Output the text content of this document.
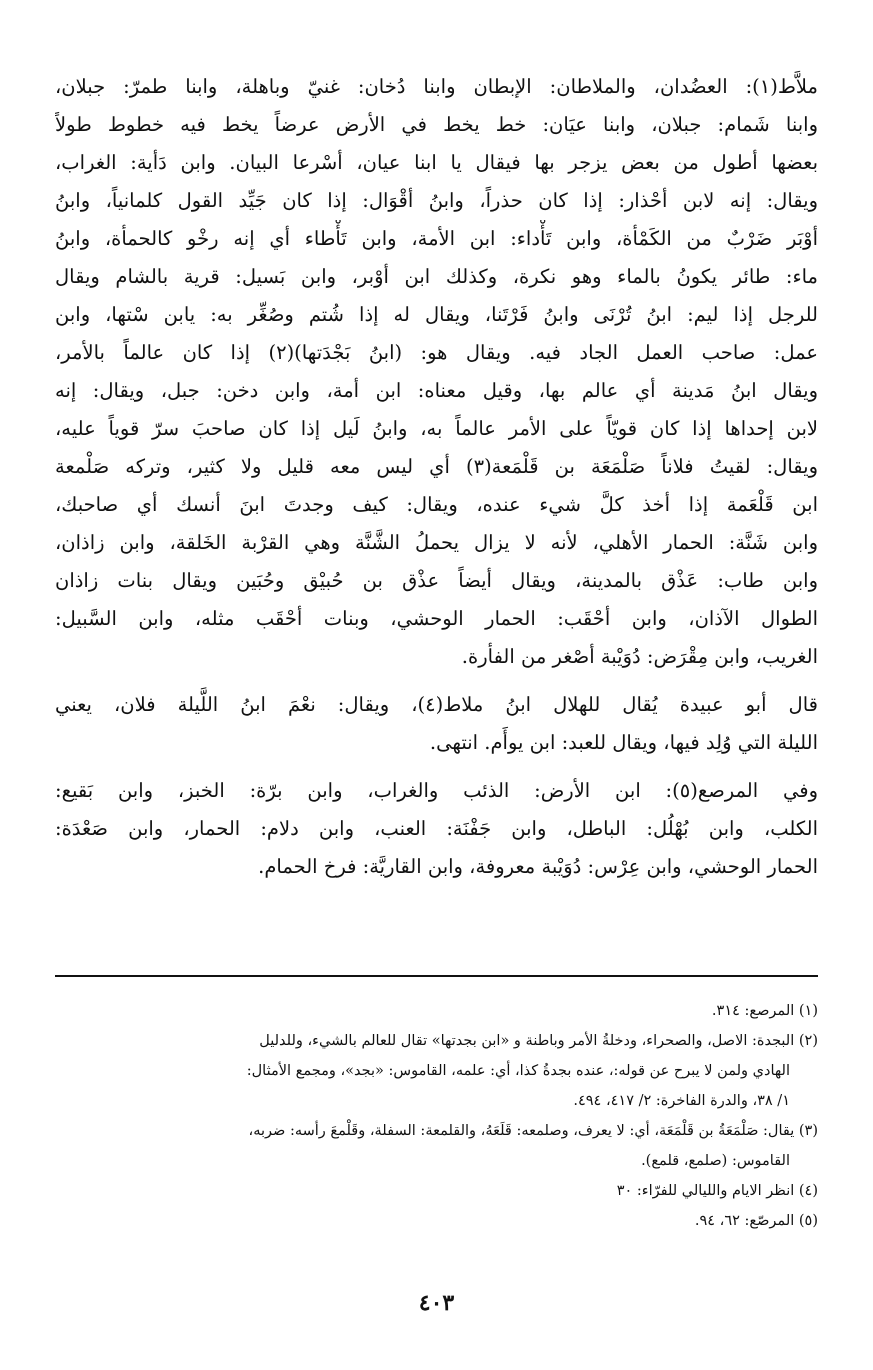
ملاَّط(١): العضُدان، والملاطان: الإبطان وابنا دُخان: غنيّ وباهلة، وابنا طمرّ: جبلان،
وابنا شَمام: جبلان، وابنا عيَان: خط يخط في الأرض عرضاً يخط فيه خطوط طولاً
بعضها أطول من بعض يزجر بها فيقال يا ابنا عيان، أسْرعا البيان. وابن دَأية: الغراب،
ويقال: إنه لابن أحْذار: إذا كان حذراً، وابنُ أقْوَال: إذا كان جَيِّد القول كلمانياً، وابنُ
أوْبَر ضَرْبٌ من الكَمْأة، وابن تَأْداء: ابن الأمة، وابن تَأْطاء أي إنه رخْو كالحمأة، وابنُ
ماء: طائر يكونُ بالماء وهو نكرة، وكذلك ابن أوْبر، وابن بَسيل: قرية بالشام ويقال
للرجل إذا ليم: ابنُ تُرْنَى وابنُ فَرْتَنا، ويقال له إذا شُتم وصُغِّر به: يابن سْتها، وابن
عمل: صاحب العمل الجاد فيه. ويقال هو: (ابنُ بَجْدَتها)(٢) إذا كان عالماً بالأمر،
ويقال ابنُ مَدينة أي عالم بها، وقيل معناه: ابن أمة، وابن دخن: جبل، ويقال: إنه
لابن إحداها إذا كان قويّاً على الأمر عالماً به، وابنُ لَيل إذا كان صاحبَ سرّ قوياً عليه،
ويقال: لقيتُ فلاناً صَلْمَعَة بن قَلْمَعة(٣) أي ليس معه قليل ولا كثير، وتركه صَلْمعة
ابن قَلْعَمة إذا أخذ كلَّ شيء عنده، ويقال: كيف وجدتَ ابنَ أنسك أي صاحبك،
وابن شَنَّة: الحمار الأهلي، لأنه لا يزال يحملُ الشَّنَّة وهي القرْبة الخَلقة، وابن زاذان،
وابن طاب: عَذْق بالمدينة، ويقال أيضاً عذْق بن حُبيْق وحُبَين ويقال بنات زاذان
الطوال الآذان، وابن أحْقَب: الحمار الوحشي، وبنات أحْقَب مثله، وابن السَّبيل:
الغريب، وابن مِقْرَض: دُوَيْبة أصْغر من الفأرة.
قال أبو عبيدة يُقال للهلال ابنُ ملاط(٤)، ويقال: نعْمَ ابنُ اللَّيلة فلان، يعني
الليلة التي وُلِد فيها، ويقال للعبد: ابن يوأَم. انتهى.
وفي المرصع(٥): ابن الأرض: الذئب والغراب، وابن برّة: الخبز، وابن بَقيع:
الكلب، وابن بُهْلُل: الباطل، وابن جَفْنَة: العنب، وابن دلام: الحمار، وابن صَعْدَة:
الحمار الوحشي، وابن عِرْس: دُوَيْبة معروفة، وابن القاريَّة: فرخ الحمام.
(١) المرصع: ٣١٤.
(٢) البجدة: الاصل، والصحراء، ودخلةُ الأمر وباطنة و «ابن بجدتها» تقال للعالم بالشيء، وللدليل
الهادي ولمن لا يبرح عن قوله:، عنده بجدةُ كذا، أي: علمه، القاموس: «بجد»، ومجمع الأمثال:
١/ ٣٨، والدرة الفاخرة: ٢/ ٤١٧، ٤٩٤.
(٣) يقال: صَلْمَعَةُ بن قَلْمَعَة، أي: لا يعرف، وصلمعه: قَلَعَهُ، والقلمعة: السفلة، وقَلْمعَ رأسه: ضربه،
القاموس: (صلمع، قلمع).
(٤) انظر الايام والليالي للفرّاء: ٣٠
(٥) المرصّع: ٦٢، ٩٤.
٤٠٣
